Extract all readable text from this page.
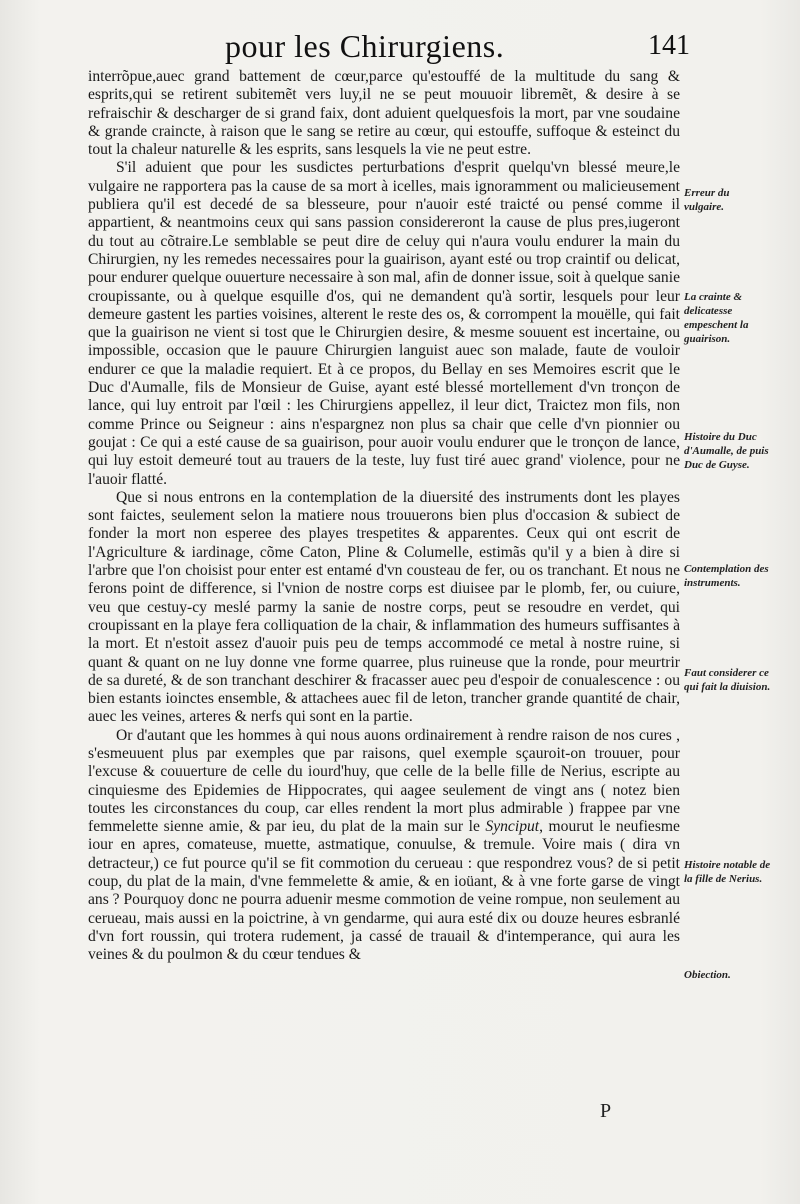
pour les Chirurgiens.	141

interrõpue,auec grand battement de cœur,parce qu'estouffé de la multitude du sang & esprits,qui se retirent subitemẽt vers luy,il ne se peut mouuoir libremẽt, & desire à se refraischir & descharger de si grand faix, dont aduient quelquesfois la mort, par vne soudaine & grande craincte, à raison que le sang se retire au cœur, qui estouffe, suffoque & esteinct du tout la chaleur naturelle & les esprits, sans lesquels la vie ne peut estre.

S'il aduient que pour les susdictes perturbations d'esprit quelqu'vn blessé meure,le vulgaire ne rapportera pas la cause de sa mort à icelles, mais ignoramment ou malicieusement publiera qu'il est decedé de sa blesseure, pour n'auoir esté traicté ou pensé comme il appartient, & neantmoins ceux qui sans passion considereront la cause de plus pres,iugeront du tout au cõtraire.Le semblable se peut dire de celuy qui n'aura voulu endurer la main du Chirurgien, ny les remedes necessaires pour la guairison, ayant esté ou trop craintif ou delicat, pour endurer quelque ouuerture necessaire à son mal, afin de donner issue, soit à quelque sanie croupissante, ou à quelque esquille d'os, qui ne demandent qu'à sortir, lesquels pour leur demeure gastent les parties voisines, alterent le reste des os, & corrompent la mouëlle, qui fait que la guairison ne vient si tost que le Chirurgien desire, & mesme souuent est incertaine, ou impossible, occasion que le pauure Chirurgien languist auec son malade, faute de vouloir endurer ce que la maladie requiert. Et à ce propos, du Bellay en ses Memoires escrit que le Duc d'Aumalle, fils de Monsieur de Guise, ayant esté blessé mortellement d'vn tronçon de lance, qui luy entroit par l'œil : les Chirurgiens appellez, il leur dict, Traictez mon fils, non comme Prince ou Seigneur : ains n'espargnez non plus sa chair que celle d'vn pionnier ou goujat : Ce qui a esté cause de sa guairison, pour auoir voulu endurer que le tronçon de lance, qui luy estoit demeuré tout au trauers de la teste, luy fust tiré auec grand' violence, pour ne l'auoir flatté.

Que si nous entrons en la contemplation de la diuersité des instruments dont les playes sont faictes, seulement selon la matiere nous trouuerons bien plus d'occasion & subiect de fonder la mort non esperee des playes trespetites & apparentes. Ceux qui ont escrit de l'Agriculture & iardinage, cõme Caton, Pline & Columelle, estimãs qu'il y a bien à dire si l'arbre que l'on choisist pour enter est entamé d'vn cousteau de fer, ou os tranchant. Et nous ne ferons point de difference, si l'vnion de nostre corps est diuisee par le plomb, fer, ou cuiure, veu que cestuy-cy meslé parmy la sanie de nostre corps, peut se resoudre en verdet, qui croupissant en la playe fera colliquation de la chair, & inflammation des humeurs suffisantes à la mort. Et n'estoit assez d'auoir puis peu de temps accommodé ce metal à nostre ruine, si quant & quant on ne luy donne vne forme quarree, plus ruineuse que la ronde, pour meurtrir de sa dureté, & de son tranchant deschirer & fracasser auec peu d'espoir de conualescence : ou bien estants ioinctes ensemble, & attachees auec fil de leton, trancher grande quantité de chair, auec les veines, arteres & nerfs qui sont en la partie.

Or d'autant que les hommes à qui nous auons ordinairement à rendre raison de nos cures , s'esmeuuent plus par exemples que par raisons, quel exemple sçauroit-on trouuer, pour l'excuse & couuerture de celle du iourd'huy, que celle de la belle fille de Nerius, escripte au cinquiesme des Epidemies de Hippocrates, qui aagee seulement de vingt ans ( notez bien toutes les circonstances du coup, car elles rendent la mort plus admirable ) frappee par vne femmelette sienne amie, & par ieu, du plat de la main sur le Synciput, mourut le neufiesme iour en apres, comateuse, muette, astmatique, conuulse, & tremule. Voire mais ( dira vn detracteur,) ce fut pource qu'il se fit commotion du cerueau : que respondrez vous? de si petit coup, du plat de la main, d'vne femmelette & amie, & en ioüant, & à vne forte garse de vingt ans ? Pourquoy donc ne pourra aduenir mesme commotion de veine rompue, non seulement au cerueau, mais aussi en la poictrine, à vn gendarme, qui aura esté dix ou douze heures esbranlé d'vn fort roussin, qui trotera rudement, ja cassé de trauail & d'intemperance, qui aura les veines & du poulmon & du cœur tendues &

Erreur du vulgaire.
La crainte & delicatesse empeschent la guairison.
Histoire du Duc d'Aumalle, de puis Duc de Guyse.
Contemplation des instruments.
Faut considerer ce qui fait la diuision.
Histoire notable de la fille de Nerius.
Obiection.
P
